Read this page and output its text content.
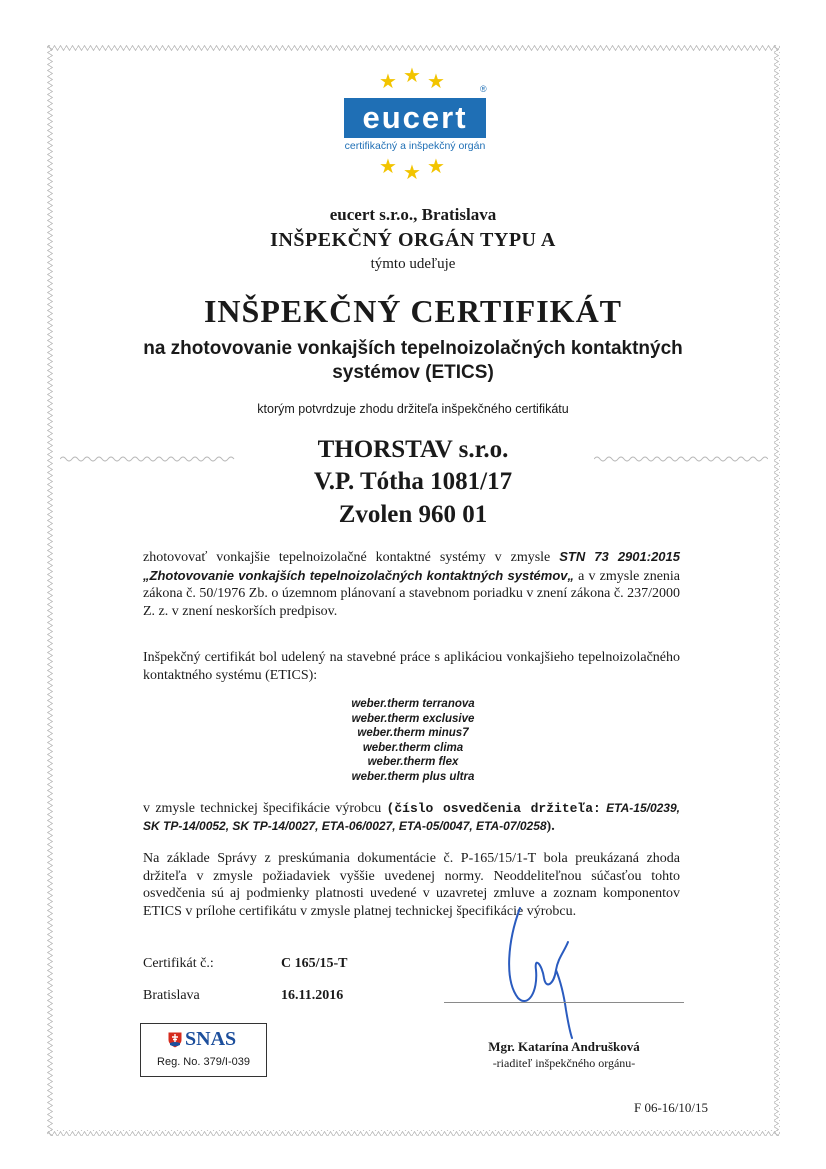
★ ★ ★	®
eucert
certifikačný a inšpekčný orgán
★ ★ ★
eucert s.r.o., Bratislava
INŠPEKČNÝ ORGÁN TYPU A
týmto udeľuje
INŠPEKČNÝ CERTIFIKÁT
na zhotovovanie vonkajších tepelnoizolačných kontaktných
systémov (ETICS)
ktorým potvrdzuje zhodu držiteľa inšpekčného certifikátu
THORSTAV s.r.o.
V.P. Tótha 1081/17
Zvolen 960 01
zhotovovať vonkajšie tepelnoizolačné kontaktné systémy v zmysle STN 73 2901:2015 „Zhotovovanie vonkajších tepelnoizolačných kontaktných systémov„ a v zmysle znenia zákona č. 50/1976 Zb. o územnom plánovaní a stavebnom poriadku v znení zákona č. 237/2000 Z. z. v znení neskorších predpisov.
Inšpekčný certifikát bol udelený na stavebné práce s aplikáciou vonkajšieho tepelnoizolačného kontaktného systému (ETICS):
weber.therm terranova
weber.therm exclusive
weber.therm minus7
weber.therm clima
weber.therm flex
weber.therm plus ultra
v zmysle technickej špecifikácie výrobcu (číslo osvedčenia držiteľa: ETA-15/0239, SK TP-14/0052, SK TP-14/0027, ETA-06/0027, ETA-05/0047, ETA-07/0258).
Na základe Správy z preskúmania dokumentácie č. P-165/15/1-T bola preukázaná zhoda držiteľa v zmysle požiadaviek vyššie uvedenej normy. Neoddeliteľnou súčasťou tohto osvedčenia sú aj podmienky platnosti uvedené v uzavretej zmluve a zoznam komponentov ETICS v prílohe certifikátu v zmysle platnej technickej špecifikácie výrobcu.
Certifikát č.:	C 165/15-T
Bratislava	16.11.2016
Mgr. Katarína Andrušková
-riaditeľ inšpekčného orgánu-
SNAS
Reg. No. 379/I-039
F 06-16/10/15
